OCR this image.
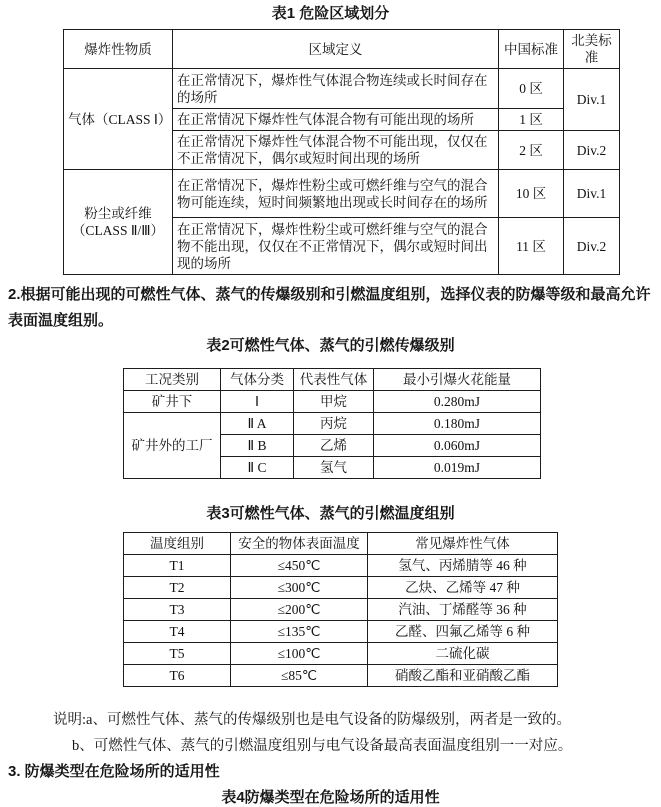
表1 危险区域划分
爆炸性物质	区域定义	中国标准	北美标准
气体（CLASS Ⅰ）	在正常情况下，爆炸性气体混合物连续或长时间存在的场所	0 区	Div.1
	在正常情况下爆炸性气体混合物有可能出现的场所	1 区	
	在正常情况下爆炸性气体混合物不可能出现，仅仅在不正常情况下，偶尔或短时间出现的场所	2 区	Div.2
粉尘或纤维（CLASS Ⅱ/Ⅲ）	在正常情况下，爆炸性粉尘或可燃纤维与空气的混合物可能连续，短时间频繁地出现或长时间存在的场所	10 区	Div.1
	在正常情况下，爆炸性粉尘或可燃纤维与空气的混合物不能出现，仅仅在不正常情况下，偶尔或短时间出现的场所	11 区	Div.2
2.根据可能出现的可燃性气体、蒸气的传爆级别和引燃温度组别，选择仪表的防爆等级和最高允许表面温度组别。
表2可燃性气体、蒸气的引燃传爆级别
工况类别	气体分类	代表性气体	最小引爆火花能量
矿井下	Ⅰ	甲烷	0.280mJ
矿井外的工厂	Ⅱ A	丙烷	0.180mJ
	Ⅱ B	乙烯	0.060mJ
	Ⅱ C	氢气	0.019mJ
表3可燃性气体、蒸气的引燃温度组别
温度组别	安全的物体表面温度	常见爆炸性气体
T1	≤450℃	氢气、丙烯腈等 46 种
T2	≤300℃	乙炔、乙烯等 47 种
T3	≤200℃	汽油、丁烯醛等 36 种
T4	≤135℃	乙醛、四氟乙烯等 6 种
T5	≤100℃	二硫化碳
T6	≤85℃	硝酸乙酯和亚硝酸乙酯
说明:a、可燃性气体、蒸气的传爆级别也是电气设备的防爆级别，两者是一致的。
b、可燃性气体、蒸气的引燃温度组别与电气设备最高表面温度组别一一对应。
3. 防爆类型在危险场所的适用性
表4防爆类型在危险场所的适用性
